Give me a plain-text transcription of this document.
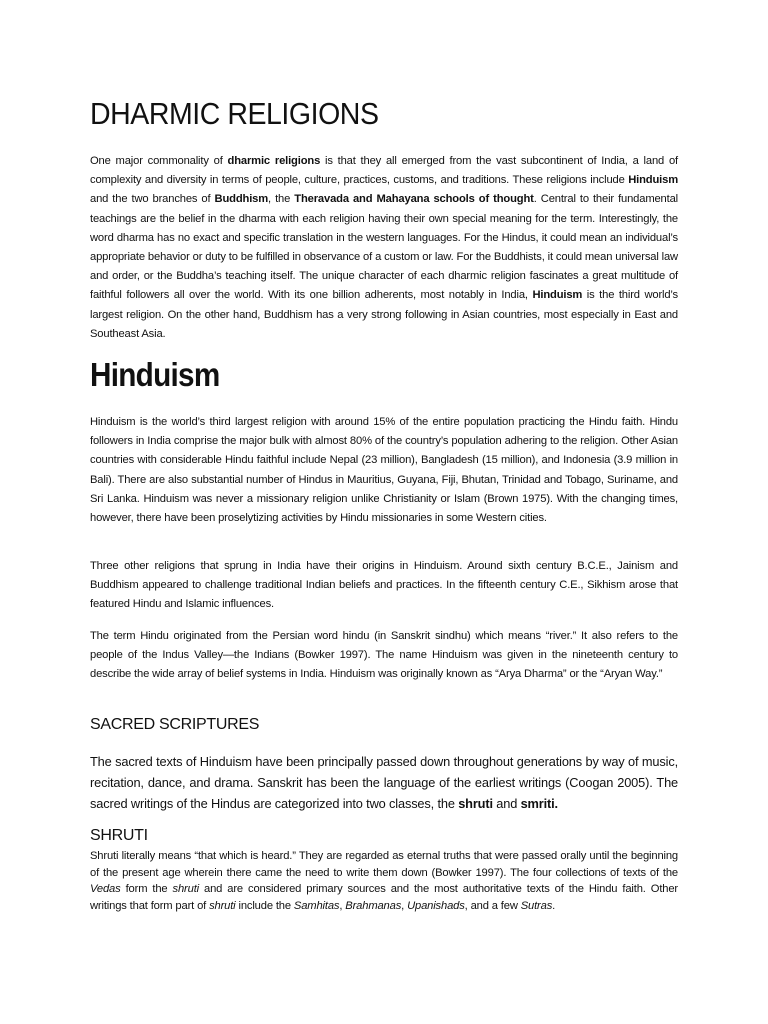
DHARMIC RELIGIONS

One major commonality of dharmic religions is that they all emerged from the vast subcontinent of India, a land of complexity and diversity in terms of people, culture, practices, customs, and traditions. These religions include Hinduism and the two branches of Buddhism, the Theravada and Mahayana schools of thought. Central to their fundamental teachings are the belief in the dharma with each religion having their own special meaning for the term. Interestingly, the word dharma has no exact and specific translation in the western languages. For the Hindus, it could mean an individual’s appropriate behavior or duty to be fulfilled in observance of a custom or law. For the Buddhists, it could mean universal law and order, or the Buddha’s teaching itself. The unique character of each dharmic religion fascinates a great multitude of faithful followers all over the world. With its one billion adherents, most notably in India, Hinduism is the third world’s largest religion. On the other hand, Buddhism has a very strong following in Asian countries, most especially in East and Southeast Asia.

Hinduism

Hinduism is the world’s third largest religion with around 15% of the entire population practicing the Hindu faith. Hindu followers in India comprise the major bulk with almost 80% of the country’s population adhering to the religion. Other Asian countries with considerable Hindu faithful include Nepal (23 million), Bangladesh (15 million), and Indonesia (3.9 million in Bali). There are also substantial number of Hindus in Mauritius, Guyana, Fiji, Bhutan, Trinidad and Tobago, Suriname, and Sri Lanka. Hinduism was never a missionary religion unlike Christianity or Islam (Brown 1975). With the changing times, however, there have been proselytizing activities by Hindu missionaries in some Western cities.

Three other religions that sprung in India have their origins in Hinduism. Around sixth century B.C.E., Jainism and Buddhism appeared to challenge traditional Indian beliefs and practices. In the fifteenth century C.E., Sikhism arose that featured Hindu and Islamic influences.

The term Hindu originated from the Persian word hindu (in Sanskrit sindhu) which means “river.” It also refers to the people of the Indus Valley—the Indians (Bowker 1997). The name Hinduism was given in the nineteenth century to describe the wide array of belief systems in India. Hinduism was originally known as “Arya Dharma” or the “Aryan Way.”

SACRED SCRIPTURES

The sacred texts of Hinduism have been principally passed down throughout generations by way of music, recitation, dance, and drama. Sanskrit has been the language of the earliest writings (Coogan 2005). The sacred writings of the Hindus are categorized into two classes, the shruti and smriti.

SHRUTI

Shruti literally means “that which is heard.” They are regarded as eternal truths that were passed orally until the beginning of the present age wherein there came the need to write them down (Bowker 1997). The four collections of texts of the Vedas form the shruti and are considered primary sources and the most authoritative texts of the Hindu faith. Other writings that form part of shruti include the Samhitas, Brahmanas, Upanishads, and a few Sutras.
